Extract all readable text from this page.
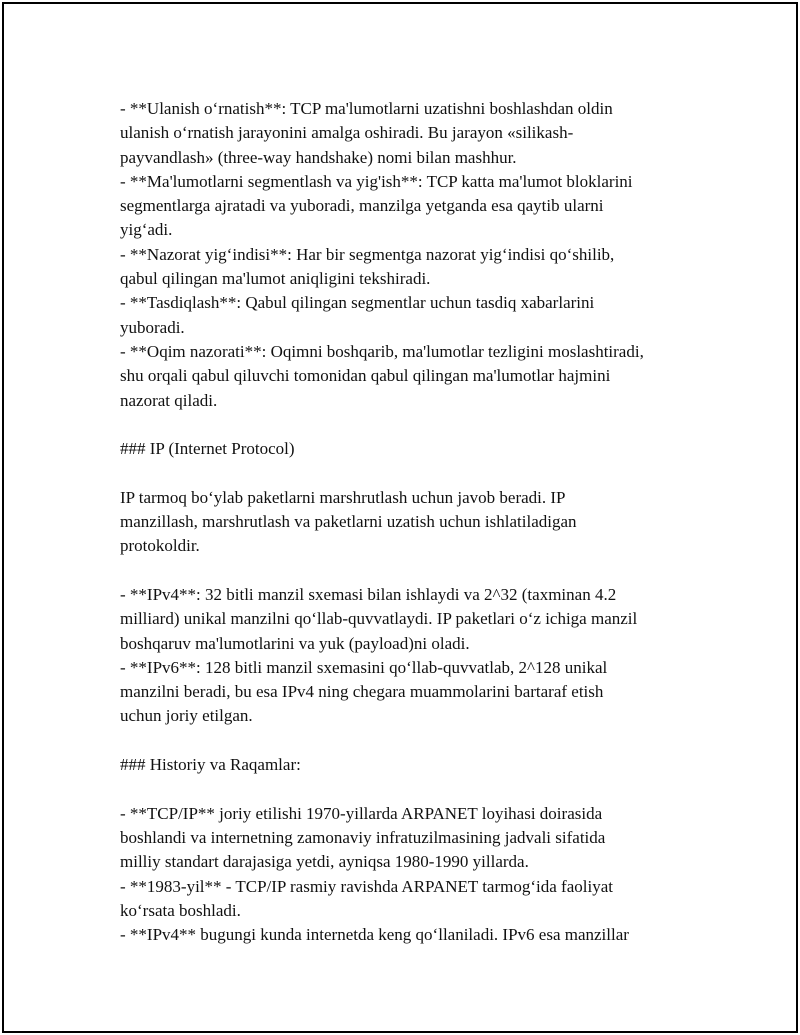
- **Ulanish o‘rnatish**: TCP ma'lumotlarni uzatishni boshlashdan oldin

ulanish o‘rnatish jarayonini amalga oshiradi. Bu jarayon «silikash-

payvandlash» (three-way handshake) nomi bilan mashhur.

- **Ma'lumotlarni segmentlash va yig'ish**: TCP katta ma'lumot bloklarini

segmentlarga ajratadi va yuboradi, manzilga yetganda esa qaytib ularni

yig‘adi.

- **Nazorat yig‘indisi**: Har bir segmentga nazorat yig‘indisi qo‘shilib,

qabul qilingan ma'lumot aniqligini tekshiradi.

- **Tasdiqlash**: Qabul qilingan segmentlar uchun tasdiq xabarlarini

yuboradi.

- **Oqim nazorati**: Oqimni boshqarib, ma'lumotlar tezligini moslashtiradi,

shu orqali qabul qiluvchi tomonidan qabul qilingan ma'lumotlar hajmini

nazorat qiladi.

### IP (Internet Protocol)

IP tarmoq bo‘ylab paketlarni marshrutlash uchun javob beradi. IP

manzillash, marshrutlash va paketlarni uzatish uchun ishlatiladigan

protokoldir.

- **IPv4**: 32 bitli manzil sxemasi bilan ishlaydi va 2^32 (taxminan 4.2

milliard) unikal manzilni qo‘llab-quvvatlaydi. IP paketlari o‘z ichiga manzil

boshqaruv ma'lumotlarini va yuk (payload)ni oladi.

- **IPv6**: 128 bitli manzil sxemasini qo‘llab-quvvatlab, 2^128 unikal

manzilni beradi, bu esa IPv4 ning chegara muammolarini bartaraf etish

uchun joriy etilgan.

### Historiy va Raqamlar:

- **TCP/IP** joriy etilishi 1970-yillarda ARPANET loyihasi doirasida

boshlandi va internetning zamonaviy infratuzilmasining jadvali sifatida

milliy standart darajasiga yetdi, ayniqsa 1980-1990 yillarda.

- **1983-yil** - TCP/IP rasmiy ravishda ARPANET tarmog‘ida faoliyat

ko‘rsata boshladi.

- **IPv4** bugungi kunda internetda keng qo‘llaniladi. IPv6 esa manzillar
